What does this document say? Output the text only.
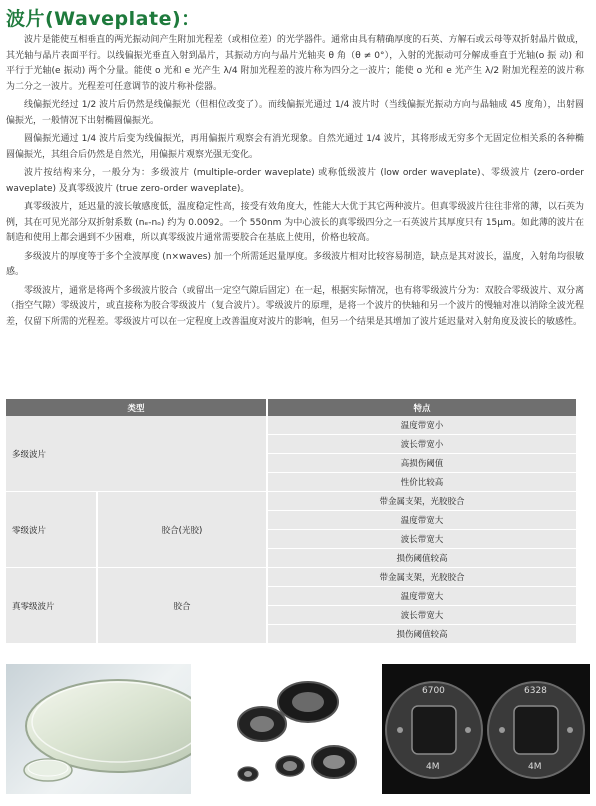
波片(Waveplate)：

波片是能使互相垂直的两光振动间产生附加光程差（或相位差）的光学器件。通常由具有精确厚度的石英、方解石或云母等双折射晶片做成，其光轴与晶片表面平行。以线偏振光垂直入射到晶片，其振动方向与晶片光轴夹 θ 角（θ ≠ 0°），入射的光振动可分解成垂直于光轴(o 振 动) 和平行于光轴(e 振动) 两个分量。能使 o 光和 e 光产生 λ/4 附加光程差的波片称为四分之一波片；能使 o 光和 e 光产生 λ/2 附加光程差的波片称为二分之一波片。光程差可任意调节的波片称补偿器。

线偏振光经过 1/2 波片后仍然是线偏振光（但相位改变了）。而线偏振光通过 1/4 波片时（当线偏振光振动方向与晶轴成 45 度角），出射圆偏振光，一般情况下出射椭圆偏振光。

圆偏振光通过 1/4 波片后变为线偏振光，再用偏振片观察会有消光现象。自然光通过 1/4 波片，其将形成无穷多个无固定位相关系的各种椭圆偏振光，其组合后仍然是自然光，用偏振片观察光强无变化。

波片按结构来分，一般分为：多级波片 (multiple-order waveplate) 或称低级波片 (low order waveplate)、零级波片 (zero-order waveplate) 及真零级波片 (true zero-order waveplate)。

真零级波片，延迟量的波长敏感度低，温度稳定性高，接受有效角度大，性能大大优于其它两种波片。但真零级波片往往非常的薄，以石英为例，其在可见光部分双折射系数 (nₑ-nₒ) 约为 0.0092。一个 550nm 为中心波长的真零级四分之一石英波片其厚度只有 15μm。如此薄的波片在制造和使用上都会遇到不少困难，所以真零级波片通常需要胶合在基底上使用，价格也较高。

多级波片的厚度等于多个全波厚度 (n×waves) 加一个所需延迟量厚度。多级波片相对比较容易制造，缺点是其对波长，温度，入射角均很敏感。

零级波片，通常是将两个多级波片胶合（或留出一定空气隙后固定）在一起，根据实际情况，也有将零级波片分为：双胶合零级波片、双分离（指空气隙）零级波片，或直接称为胶合零级波片（复合波片）。零级波片的原理，是将一个波片的快轴和另一个波片的慢轴对准以消除全波光程差，仅留下所需的光程差。零级波片可以在一定程度上改善温度对波片的影响，但另一个结果是其增加了波片延迟量对入射角度及波长的敏感性。

类型		特点
多级波片		温度带宽小
		波长带宽小
		高损伤阈值
		性价比较高
零级波片	胶合(光胶)	带金属支架，光胶胶合
		温度带宽大
		波长带宽大
		损伤阈值较高
真零级波片	胶合	带金属支架，光胶胶合
		温度带宽大
		波长带宽大
		损伤阈值较高
6700	6328
4M	4M
